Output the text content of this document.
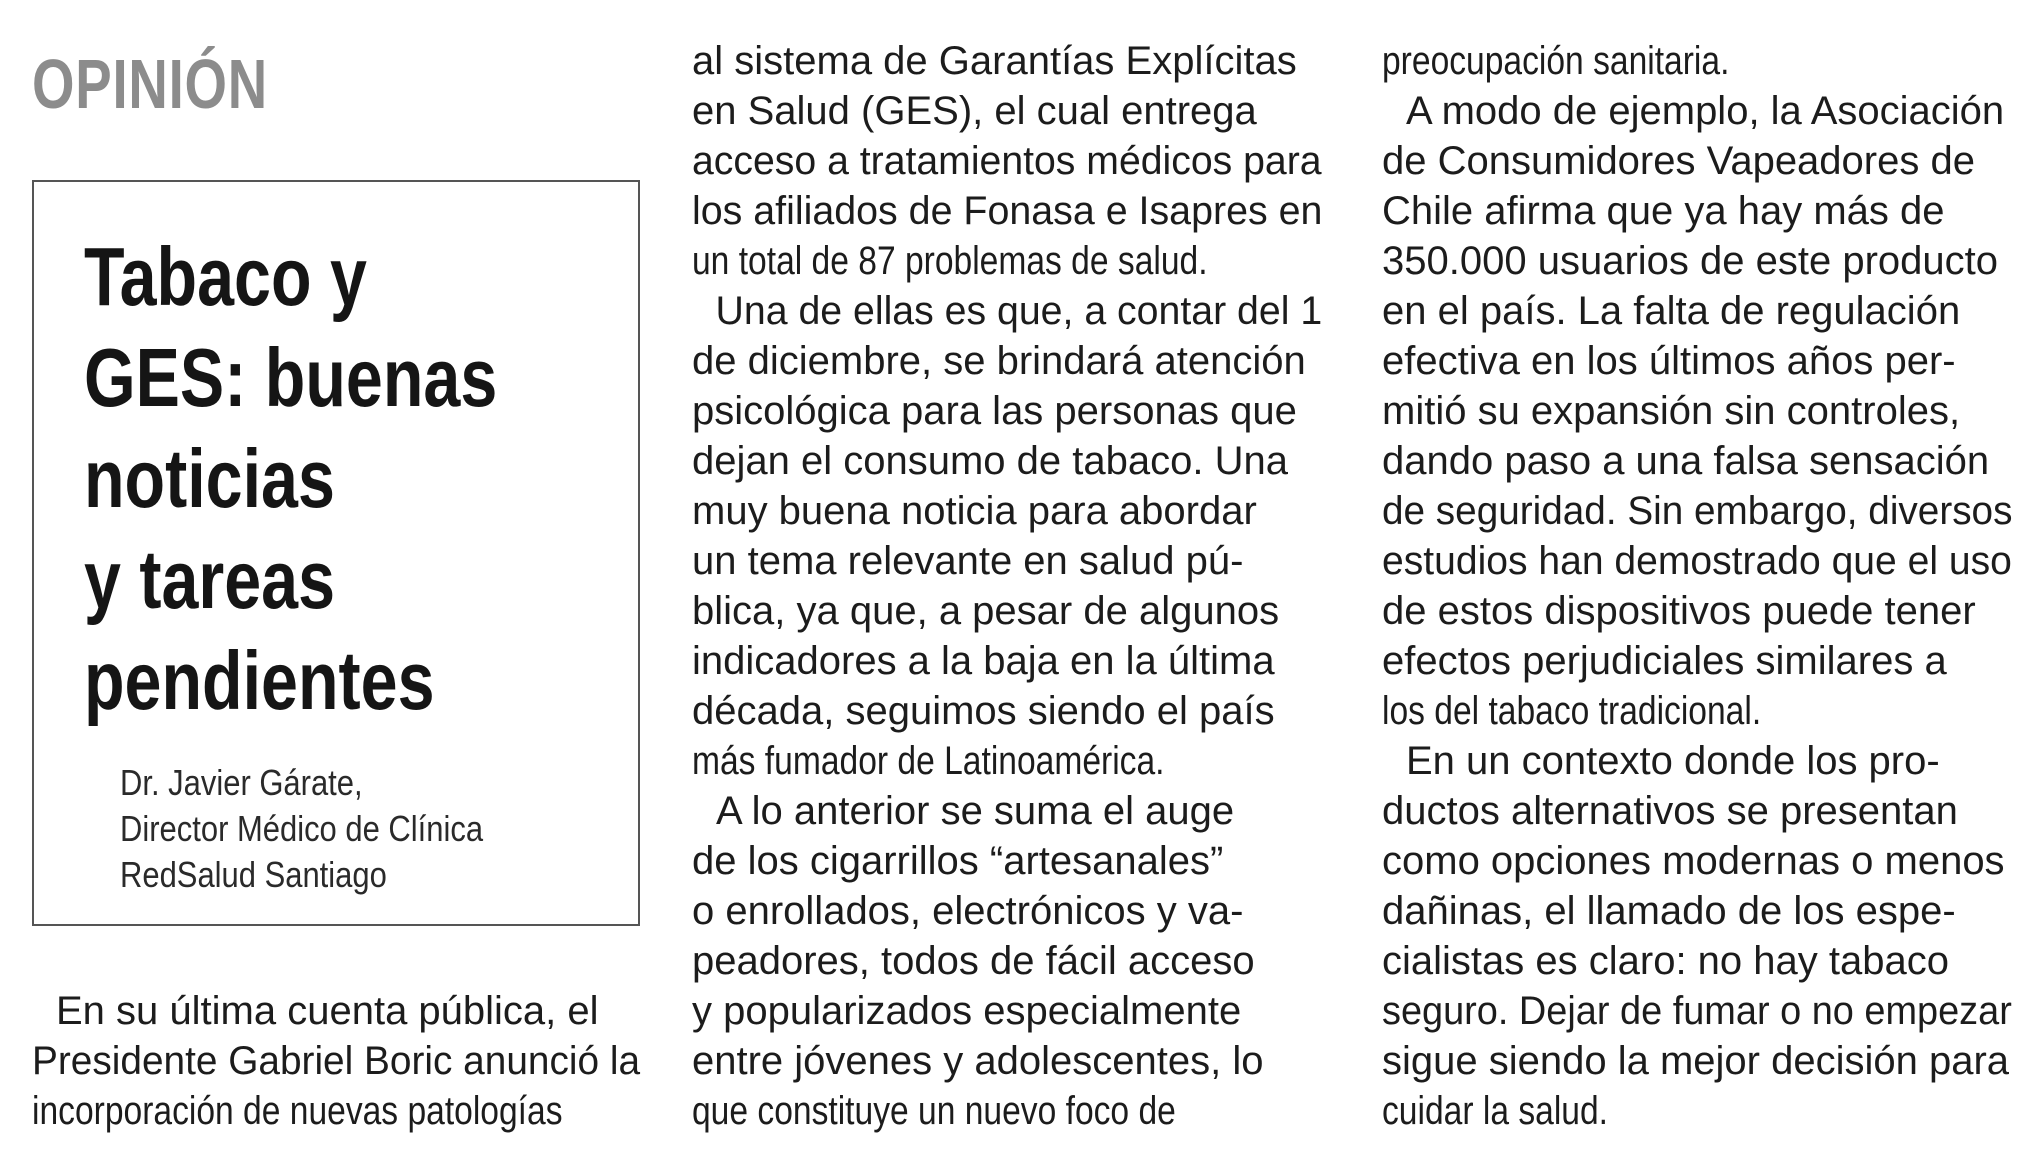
OPINIÓN
Tabaco y
GES: buenas
noticias
y tareas
pendientes
Dr. Javier Gárate,
Director Médico de Clínica
RedSalud Santiago
En su última cuenta pública, el
Presidente Gabriel Boric anunció la
incorporación de nuevas patologías
al sistema de Garantías Explícitas
en Salud (GES), el cual entrega
acceso a tratamientos médicos para
los afiliados de Fonasa e Isapres en
un total de 87 problemas de salud.
Una de ellas es que, a contar del 1
de diciembre, se brindará atención
psicológica para las personas que
dejan el consumo de tabaco. Una
muy buena noticia para abordar
un tema relevante en salud pú-
blica, ya que, a pesar de algunos
indicadores a la baja en la última
década, seguimos siendo el país
más fumador de Latinoamérica.
A lo anterior se suma el auge
de los cigarrillos “artesanales”
o enrollados, electrónicos y va-
peadores, todos de fácil acceso
y popularizados especialmente
entre jóvenes y adolescentes, lo
que constituye un nuevo foco de
preocupación sanitaria.
A modo de ejemplo, la Asociación
de Consumidores Vapeadores de
Chile afirma que ya hay más de
350.000 usuarios de este producto
en el país. La falta de regulación
efectiva en los últimos años per-
mitió su expansión sin controles,
dando paso a una falsa sensación
de seguridad. Sin embargo, diversos
estudios han demostrado que el uso
de estos dispositivos puede tener
efectos perjudiciales similares a
los del tabaco tradicional.
En un contexto donde los pro-
ductos alternativos se presentan
como opciones modernas o menos
dañinas, el llamado de los espe-
cialistas es claro: no hay tabaco
seguro. Dejar de fumar o no empezar
sigue siendo la mejor decisión para
cuidar la salud.
